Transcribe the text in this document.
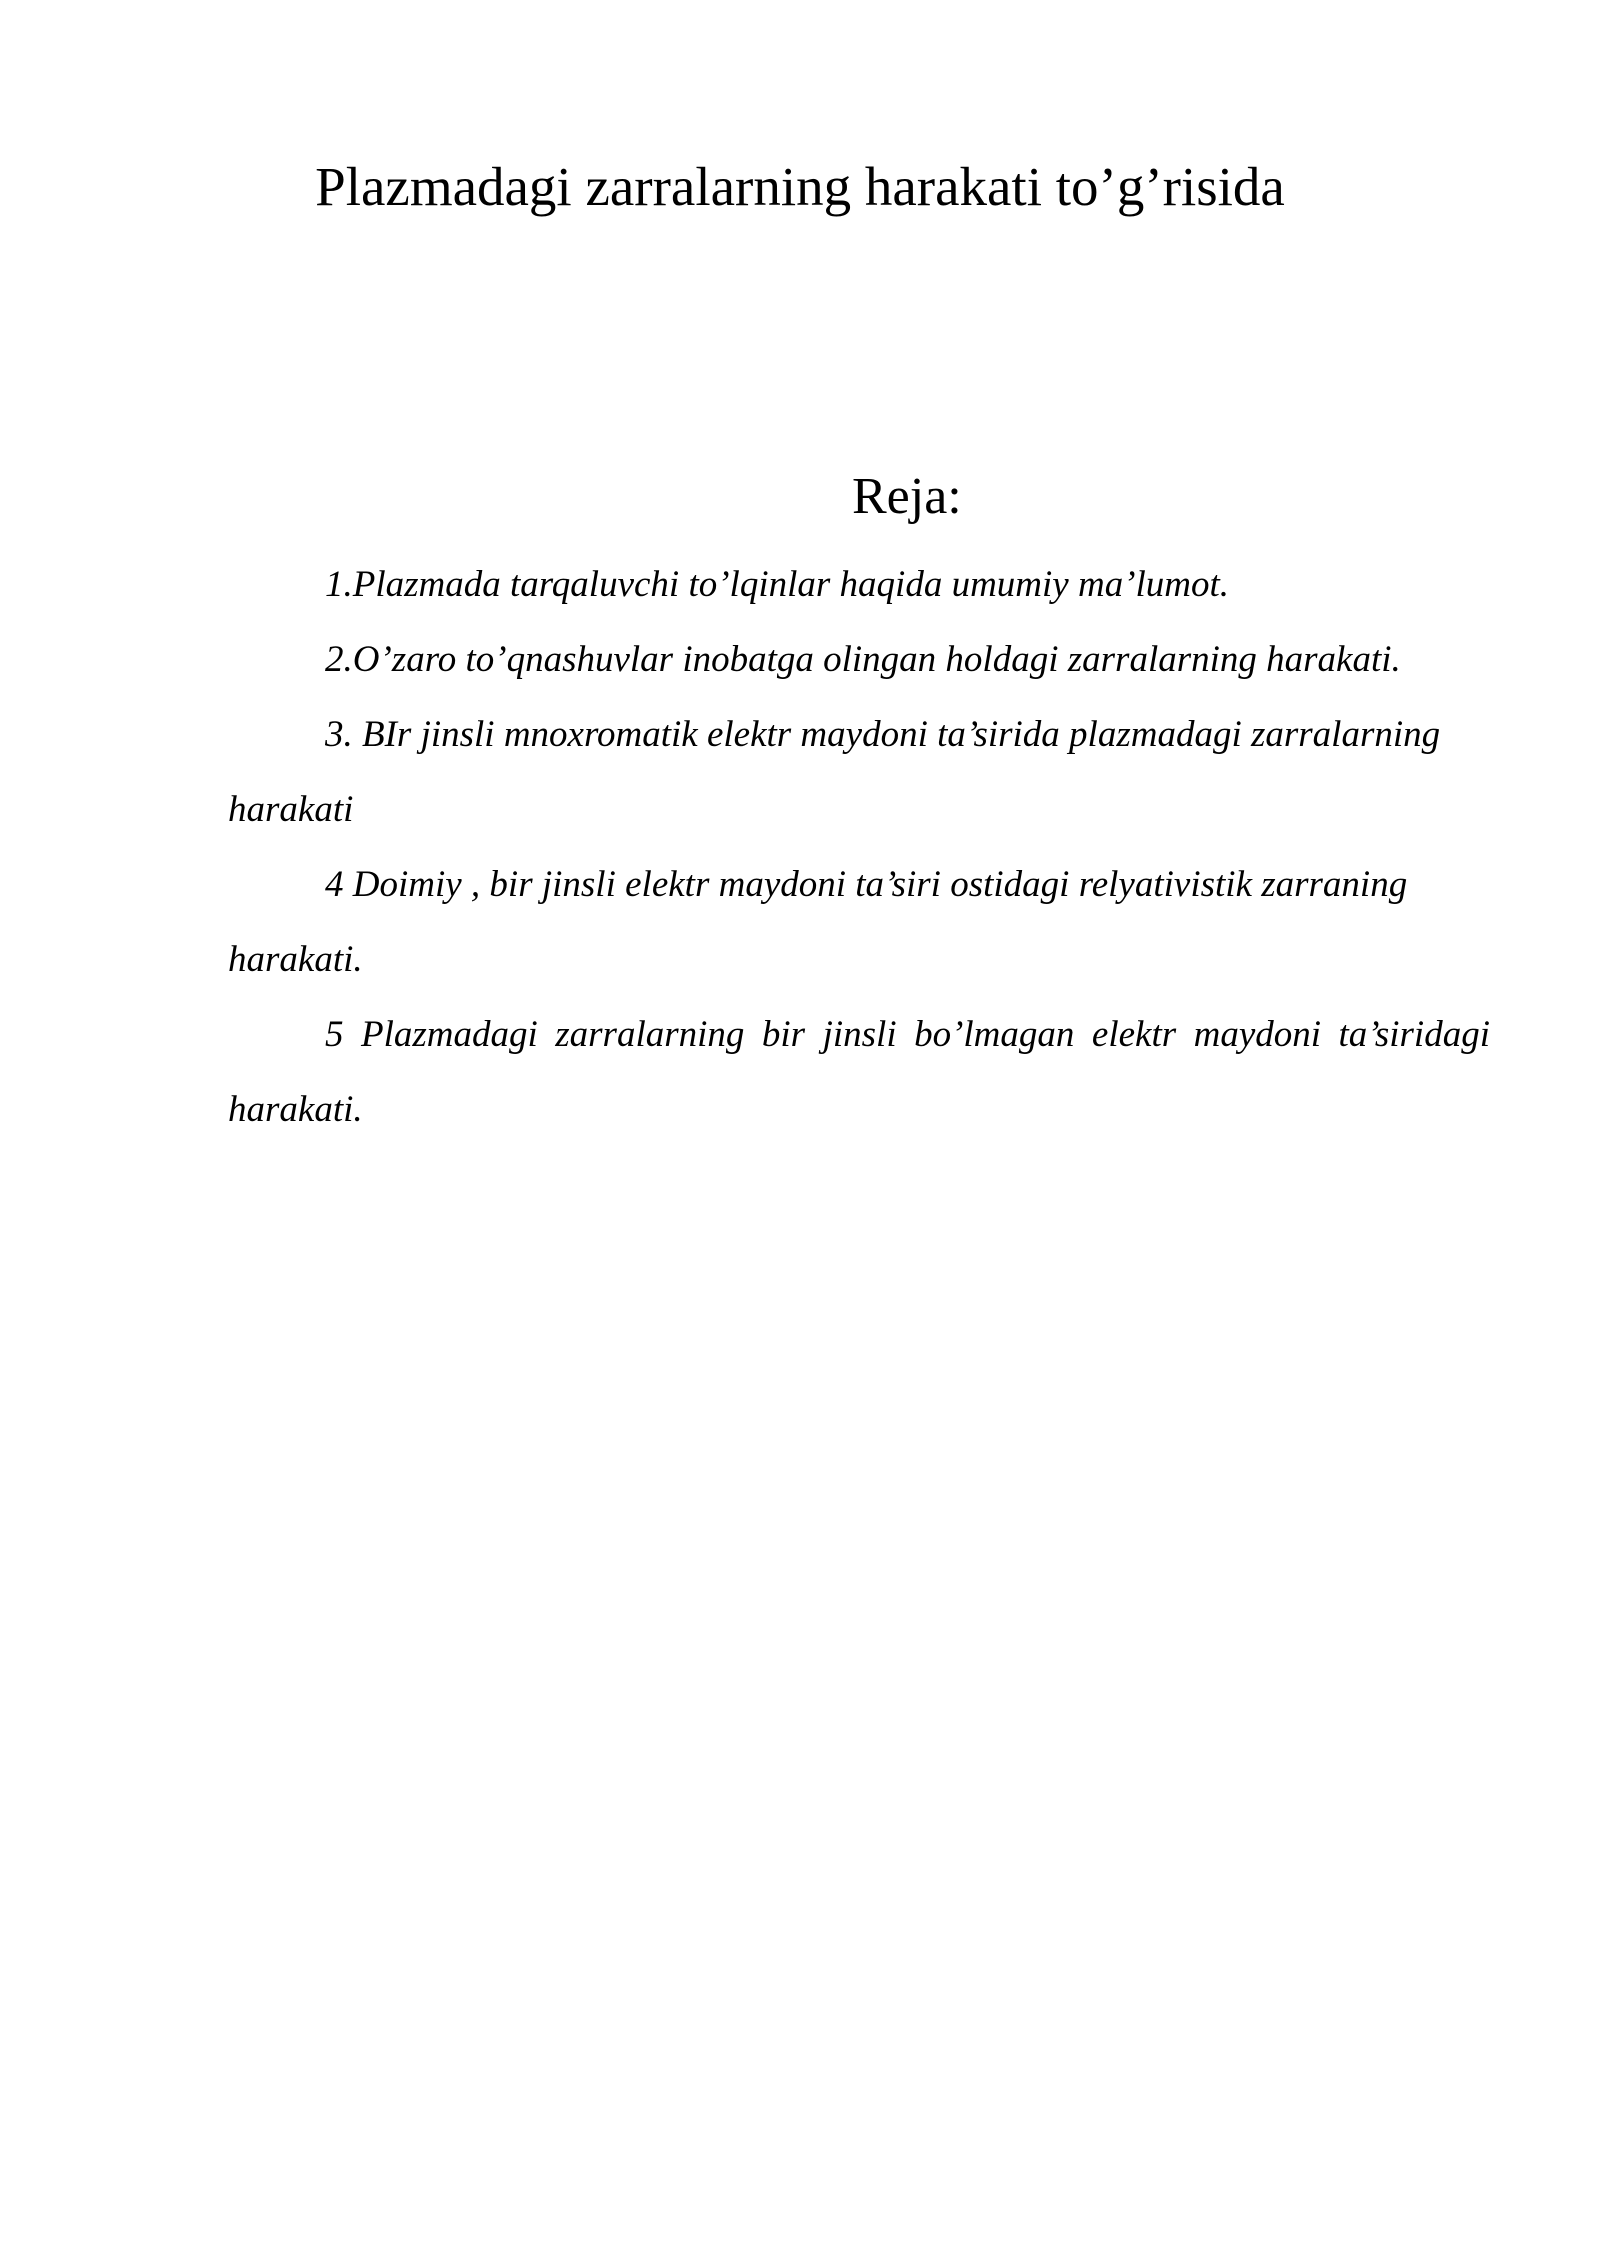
Plazmadagi zarralarning harakati to’g’risida
Reja:
1.Plazmada tarqaluvchi to’lqinlar haqida umumiy ma’lumot.
2.O’zaro to’qnashuvlar inobatga olingan holdagi zarralarning harakati.
3. BIr jinsli mnoxromatik elektr maydoni ta’sirida plazmadagi zarralarning harakati
4 Doimiy , bir jinsli elektr maydoni ta’siri ostidagi relyativistik zarraning harakati.
5 Plazmadagi zarralarning bir jinsli bo’lmagan elektr maydoni ta’siridagi harakati.
